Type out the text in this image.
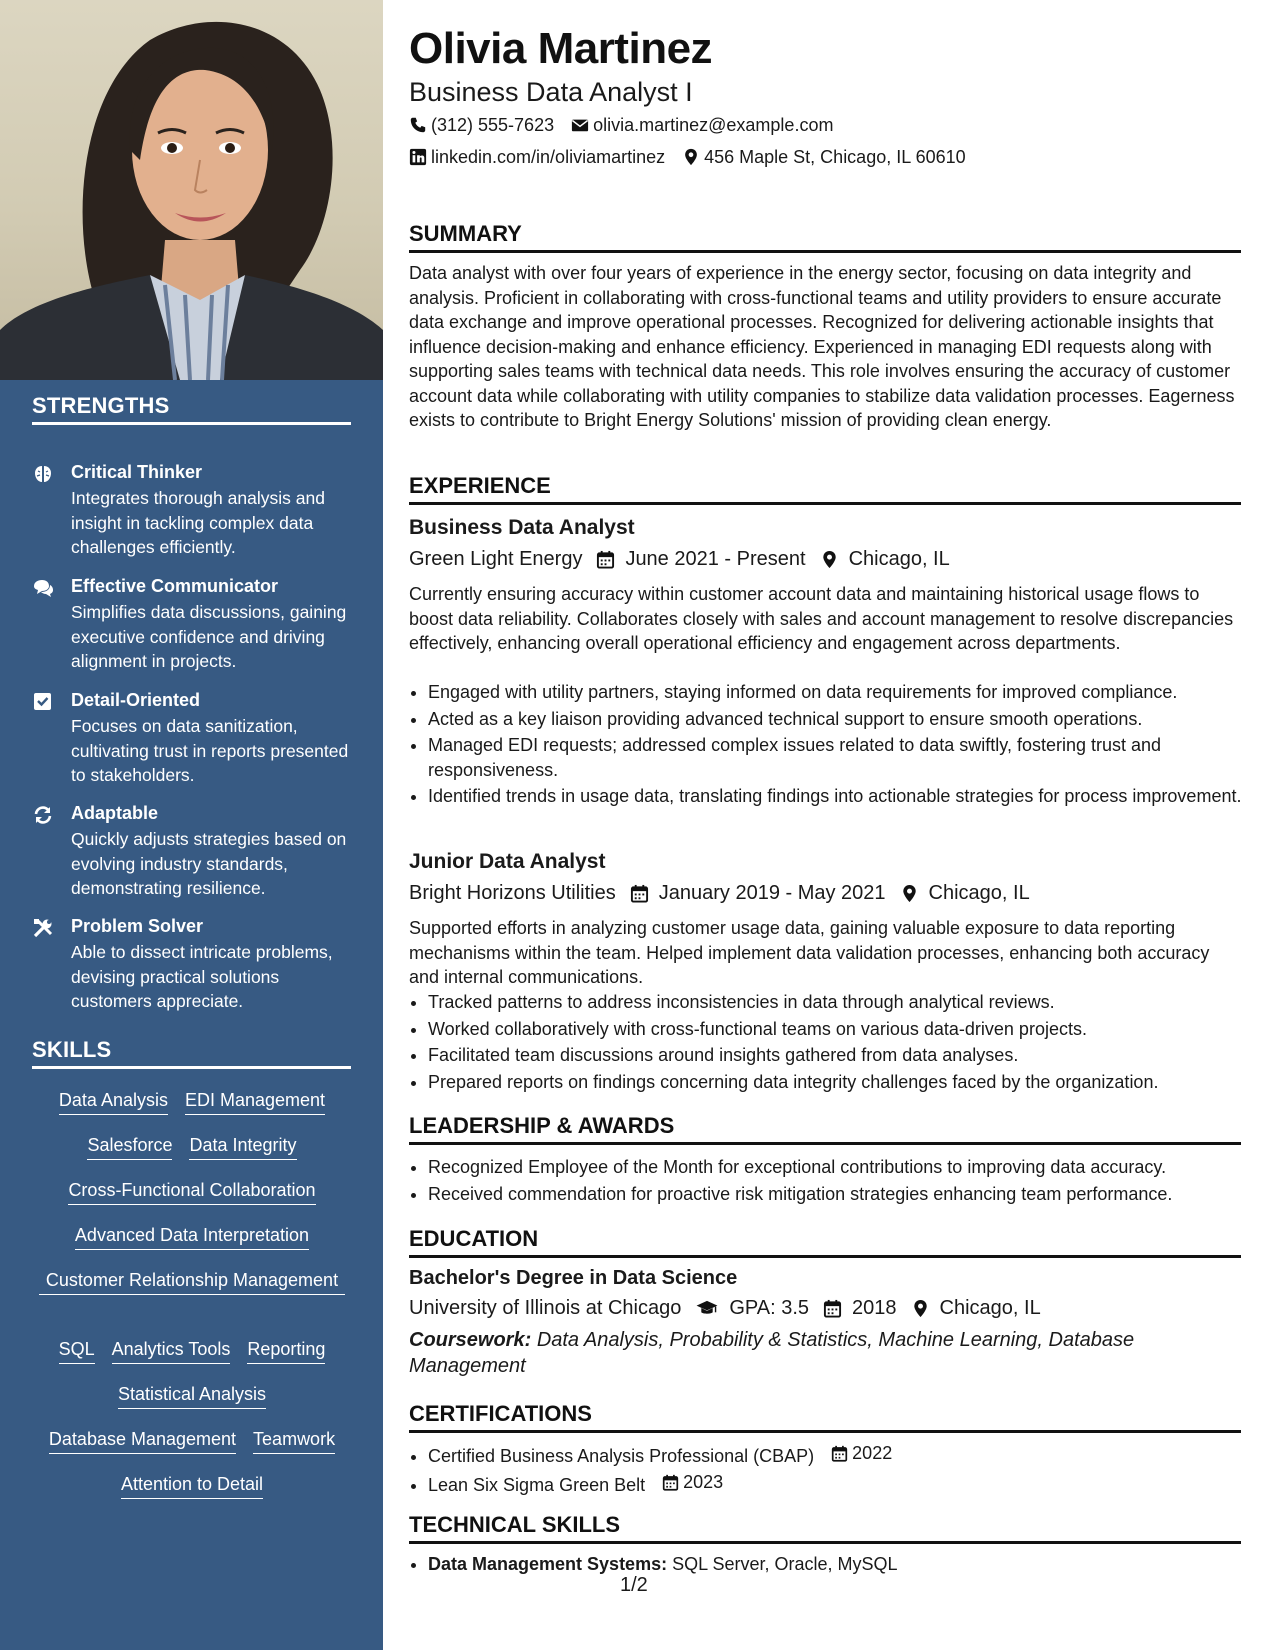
STRENGTHS
Critical Thinker
Integrates thorough analysis and insight in tackling complex data challenges efficiently.
Effective Communicator
Simplifies data discussions, gaining executive confidence and driving alignment in projects.
Detail-Oriented
Focuses on data sanitization, cultivating trust in reports presented to stakeholders.
Adaptable
Quickly adjusts strategies based on evolving industry standards, demonstrating resilience.
Problem Solver
Able to dissect intricate problems, devising practical solutions customers appreciate.
SKILLS
Data Analysis EDI Management
Salesforce Data Integrity
Cross-Functional Collaboration
Advanced Data Interpretation
Customer Relationship Management
SQL Analytics Tools Reporting
Statistical Analysis
Database Management Teamwork
Attention to Detail
Olivia Martinez
Business Data Analyst I
(312) 555-7623 olivia.martinez@example.com
linkedin.com/in/oliviamartinez 456 Maple St, Chicago, IL 60610
SUMMARY
Data analyst with over four years of experience in the energy sector, focusing on data integrity and analysis. Proficient in collaborating with cross-functional teams and utility providers to ensure accurate data exchange and improve operational processes. Recognized for delivering actionable insights that influence decision-making and enhance efficiency. Experienced in managing EDI requests along with supporting sales teams with technical data needs. This role involves ensuring the accuracy of customer account data while collaborating with utility companies to stabilize data validation processes. Eagerness exists to contribute to Bright Energy Solutions' mission of providing clean energy.
EXPERIENCE
Business Data Analyst
Green Light Energy June 2021 - Present Chicago, IL
Currently ensuring accuracy within customer account data and maintaining historical usage flows to boost data reliability. Collaborates closely with sales and account management to resolve discrepancies effectively, enhancing overall operational efficiency and engagement across departments.
• Engaged with utility partners, staying informed on data requirements for improved compliance.
• Acted as a key liaison providing advanced technical support to ensure smooth operations.
• Managed EDI requests; addressed complex issues related to data swiftly, fostering trust and responsiveness.
• Identified trends in usage data, translating findings into actionable strategies for process improvement.
Junior Data Analyst
Bright Horizons Utilities January 2019 - May 2021 Chicago, IL
Supported efforts in analyzing customer usage data, gaining valuable exposure to data reporting mechanisms within the team. Helped implement data validation processes, enhancing both accuracy and internal communications.
• Tracked patterns to address inconsistencies in data through analytical reviews.
• Worked collaboratively with cross-functional teams on various data-driven projects.
• Facilitated team discussions around insights gathered from data analyses.
• Prepared reports on findings concerning data integrity challenges faced by the organization.
LEADERSHIP & AWARDS
• Recognized Employee of the Month for exceptional contributions to improving data accuracy.
• Received commendation for proactive risk mitigation strategies enhancing team performance.
EDUCATION
Bachelor's Degree in Data Science
University of Illinois at Chicago GPA: 3.5 2018 Chicago, IL
Coursework: Data Analysis, Probability & Statistics, Machine Learning, Database Management
CERTIFICATIONS
• Certified Business Analysis Professional (CBAP) 2022
• Lean Six Sigma Green Belt 2023
TECHNICAL SKILLS
• Data Management Systems: SQL Server, Oracle, MySQL
1/2
